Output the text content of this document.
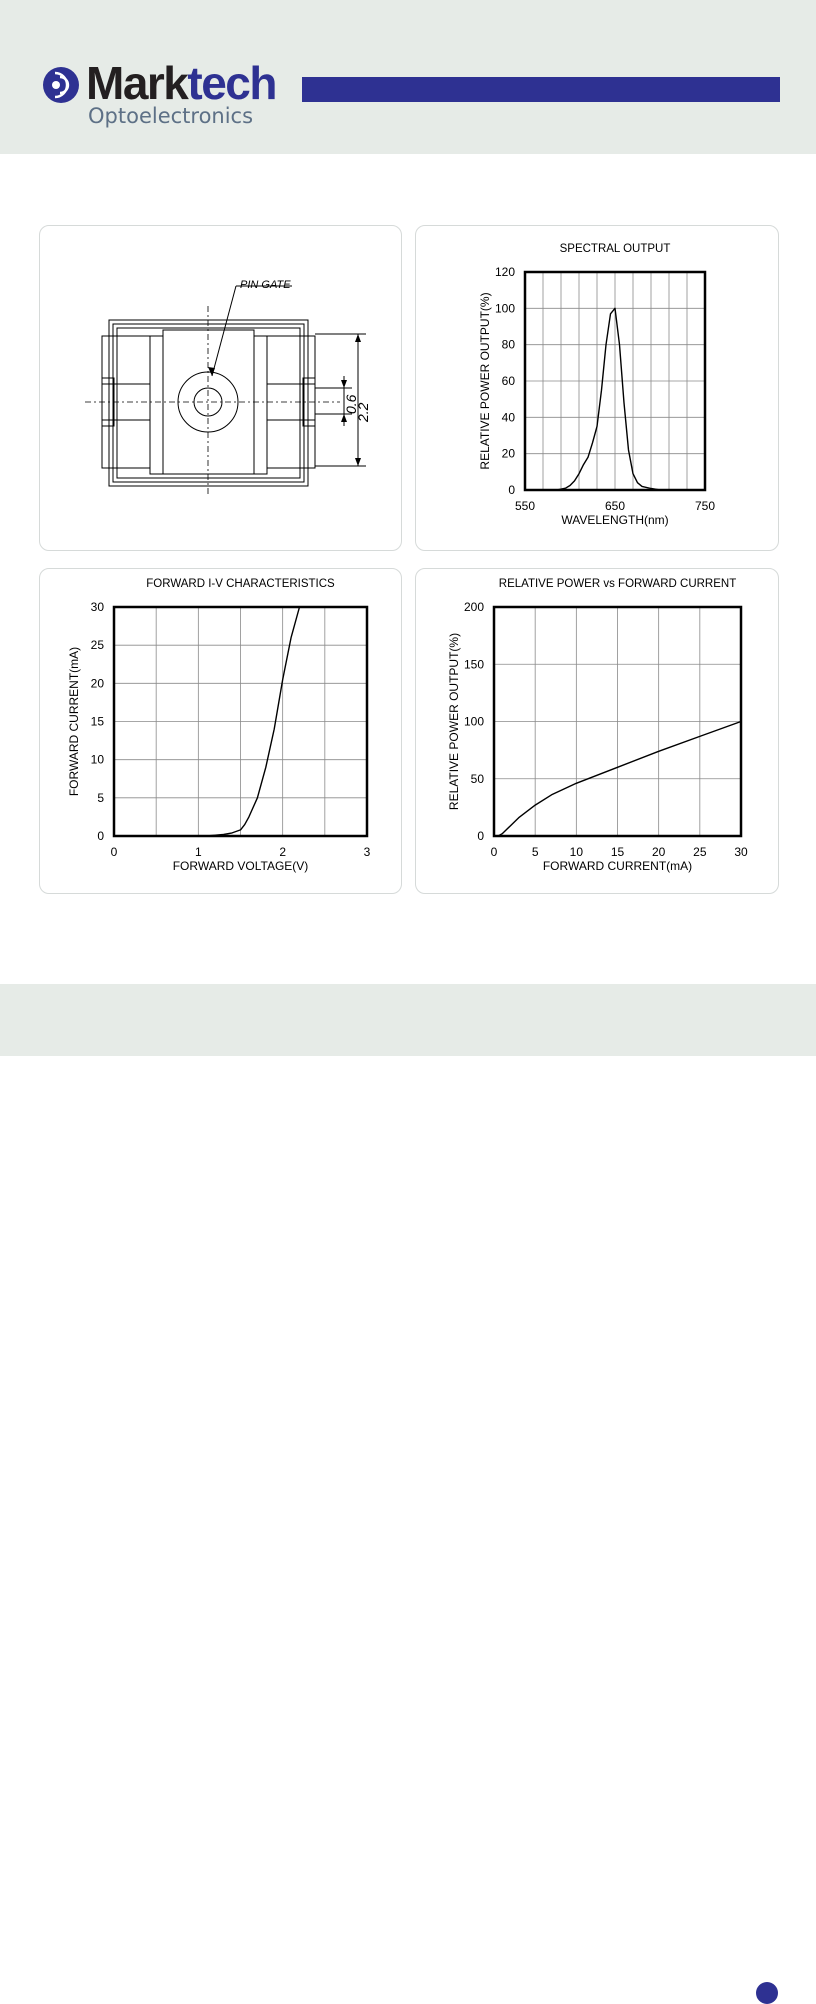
Marktech
Optoelectronics
PIN GATE
0.6
2.2
550	650	750
0
20
40
60
80
100
120
SPECTRAL OUTPUT
WAVELENGTH(nm)
RELATIVE POWER OUTPUT(%)
0	1	2	3
0
5
10
15
20
25
30
FORWARD I-V CHARACTERISTICS
FORWARD VOLTAGE(V)
FORWARD CURRENT(mA)
0	5	10 15 20 25 30
0
50
100
150
200
RELATIVE POWER vs FORWARD CURRENT
FORWARD CURRENT(mA)
RELATIVE POWER OUTPUT(%)
